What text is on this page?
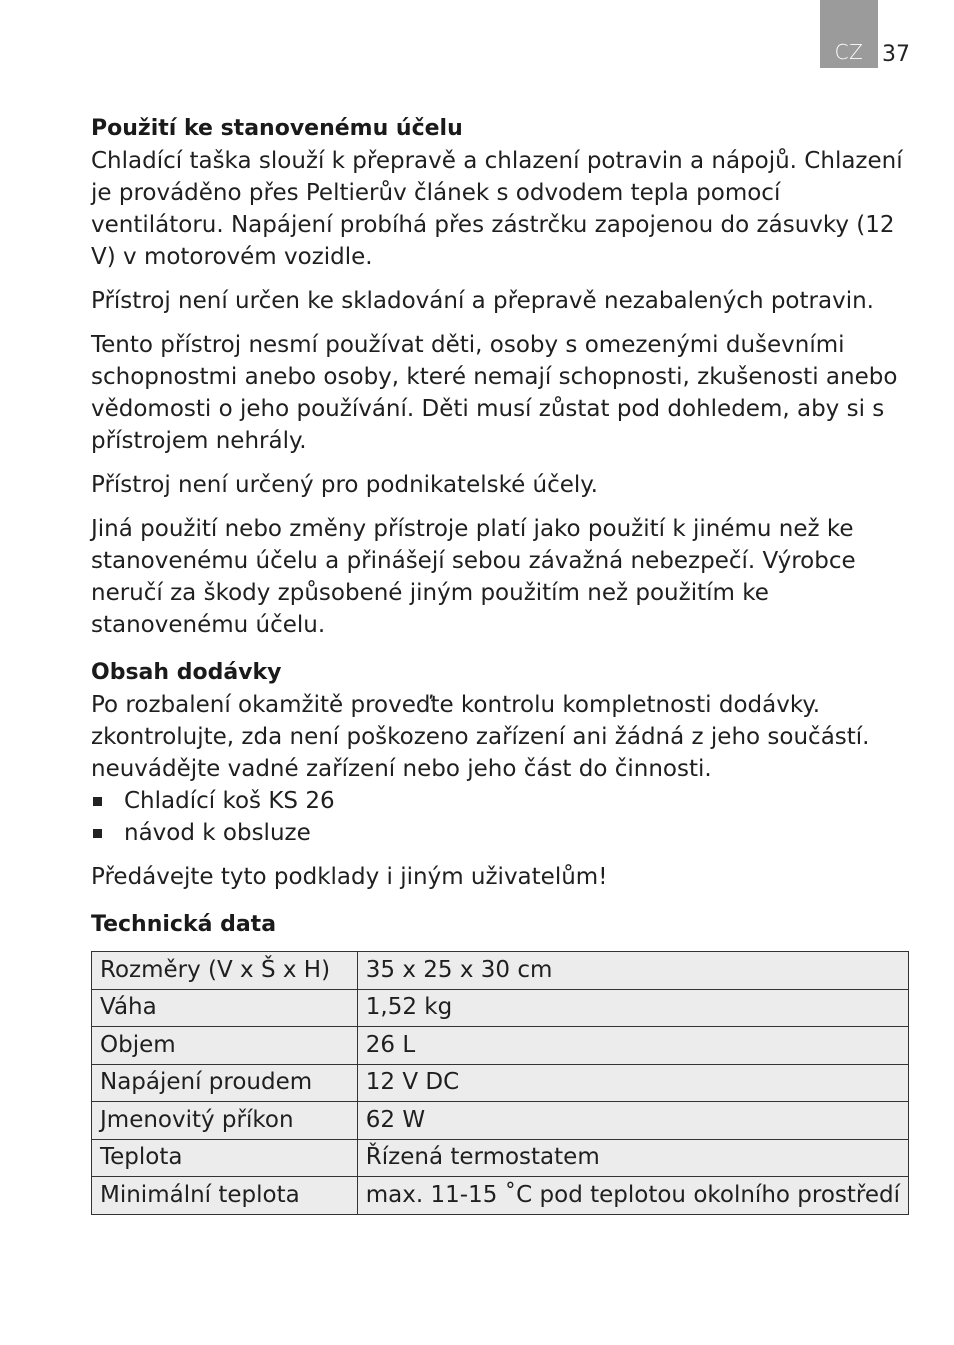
CZ 37
Použití ke stanovenému účelu

Chladící taška slouží k přepravě a chlazení potravin a nápojů. Chlazení je prováděno přes Peltierův článek s odvodem tepla pomocí ventilátoru. Napájení probíhá přes zástrčku zapojenou do zásuvky (12 V) v motorovém vozidle.

Přístroj není určen ke skladování a přepravě nezabalených potravin.

Tento přístroj nesmí používat děti, osoby s omezenými duševními schopnostmi anebo osoby, které nemají schopnosti, zkušenosti anebo vědomosti o jeho používání. Děti musí zůstat pod dohledem, aby si s přístrojem nehrály.

Přístroj není určený pro podnikatelské účely.

Jiná použití nebo změny přístroje platí jako použití k jinému než ke stanovenému účelu a přinášejí sebou závažná nebezpečí. Výrobce neručí za škody způsobené jiným použitím než použitím ke stanovenému účelu.

Obsah dodávky

Po rozbalení okamžitě proveďte kontrolu kompletnosti dodávky. zkontrolujte, zda není poškozeno zařízení ani žádná z jeho součástí. neuvádějte vadné zařízení nebo jeho část do činnosti.

Chladící koš KS 26
návod k obsluze

Předávejte tyto podklady i jiným uživatelům!

Technická data
Rozměry (V x Š x H)	35 x 25 x 30 cm
Váha	1,52 kg
Objem	26 L
Napájení proudem	12 V DC
Jmenovitý příkon	62 W
Teplota	Řízená termostatem
Minimální teplota	max. 11-15 ˚C pod teplotou okolního prostředí
